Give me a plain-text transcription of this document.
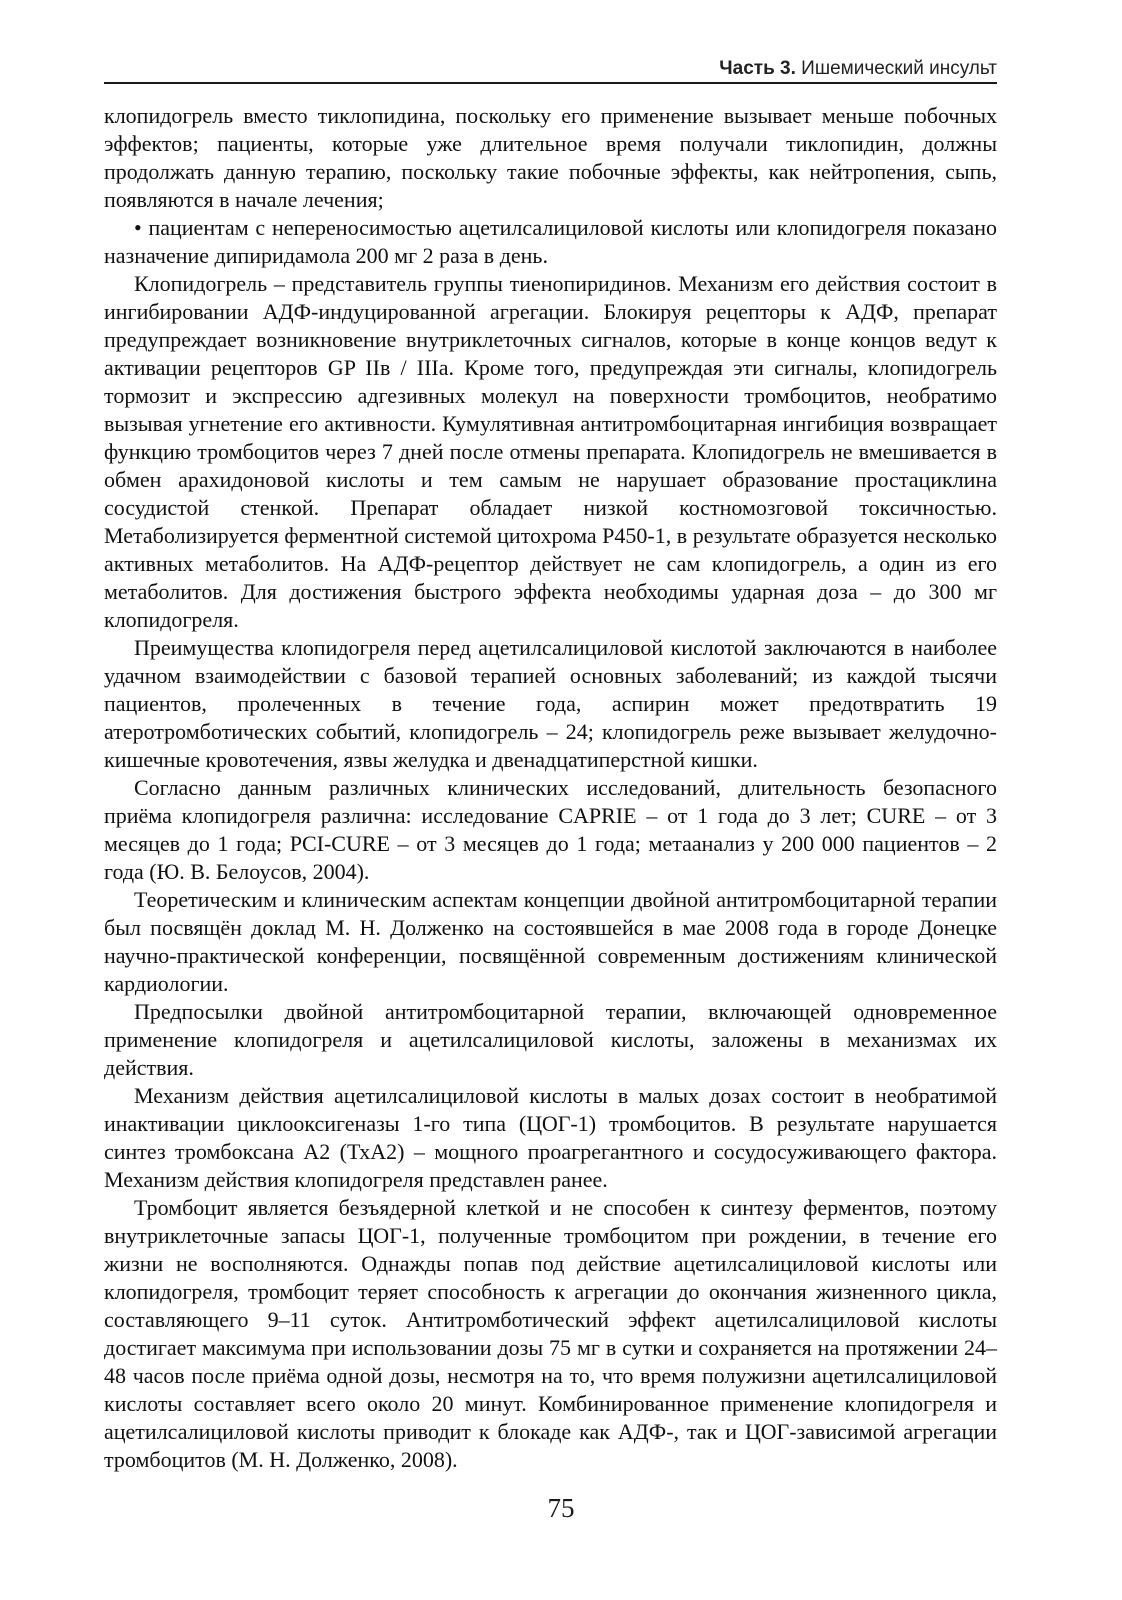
Часть 3. Ишемический инсульт

клопидогрель вместо тиклопидина, поскольку его применение вызывает меньше побочных эффектов; пациенты, которые уже длительное время получали тиклопидин, должны продолжать данную терапию, поскольку такие побочные эффекты, как нейтропения, сыпь, появляются в начале лечения;

• пациентам с непереносимостью ацетилсалициловой кислоты или клопидогреля показано назначение дипиридамола 200 мг 2 раза в день.

Клопидогрель – представитель группы тиенопиридинов. Механизм его действия состоит в ингибировании АДФ-индуцированной агрегации. Блокируя рецепторы к АДФ, препарат предупреждает возникновение внутриклеточных сигналов, которые в конце концов ведут к активации рецепторов GP IIв / IIIа. Кроме того, предупреждая эти сигналы, клопидогрель тормозит и экспрессию адгезивных молекул на поверхности тромбоцитов, необратимо вызывая угнетение его активности. Кумулятивная антитромбоцитарная ингибиция возвращает функцию тромбоцитов через 7 дней после отмены препарата. Клопидогрель не вмешивается в обмен арахидоновой кислоты и тем самым не нарушает образование простациклина сосудистой стенкой. Препарат обладает низкой костномозговой токсичностью. Метаболизируется ферментной системой цитохрома P450-1, в результате образуется несколько активных метаболитов. На АДФ-рецептор действует не сам клопидогрель, а один из его метаболитов. Для достижения быстрого эффекта необходимы ударная доза – до 300 мг клопидогреля.

Преимущества клопидогреля перед ацетилсалициловой кислотой заключаются в наиболее удачном взаимодействии с базовой терапией основных заболеваний; из каждой тысячи пациентов, пролеченных в течение года, аспирин может предотвратить 19 атеротромботических событий, клопидогрель – 24; клопидогрель реже вызывает желудочно-кишечные кровотечения, язвы желудка и двенадцатиперстной кишки.

Согласно данным различных клинических исследований, длительность безопасного приёма клопидогреля различна: исследование CAPRIE – от 1 года до 3 лет; CURE – от 3 месяцев до 1 года; PCI-CURE – от 3 месяцев до 1 года; метаанализ у 200 000 пациентов – 2 года (Ю. В. Белоусов, 2004).

Теоретическим и клиническим аспектам концепции двойной антитромбоцитарной терапии был посвящён доклад М. Н. Долженко на состоявшейся в мае 2008 года в городе Донецке научно-практической конференции, посвящённой современным достижениям клинической кардиологии.

Предпосылки двойной антитромбоцитарной терапии, включающей одновременное применение клопидогреля и ацетилсалициловой кислоты, заложены в механизмах их действия.

Механизм действия ацетилсалициловой кислоты в малых дозах состоит в необратимой инактивации циклооксигеназы 1-го типа (ЦОГ-1) тромбоцитов. В результате нарушается синтез тромбоксана А2 (ТхА2) – мощного проагрегантного и сосудосуживающего фактора. Механизм действия клопидогреля представлен ранее.

Тромбоцит является безъядерной клеткой и не способен к синтезу ферментов, поэтому внутриклеточные запасы ЦОГ-1, полученные тромбоцитом при рождении, в течение его жизни не восполняются. Однажды попав под действие ацетилсалициловой кислоты или клопидогреля, тромбоцит теряет способность к агрегации до окончания жизненного цикла, составляющего 9–11 суток. Антитромботический эффект ацетилсалициловой кислоты достигает максимума при использовании дозы 75 мг в сутки и сохраняется на протяжении 24–48 часов после приёма одной дозы, несмотря на то, что время полужизни ацетилсалициловой кислоты составляет всего около 20 минут. Комбинированное применение клопидогреля и ацетилсалициловой кислоты приводит к блокаде как АДФ-, так и ЦОГ-зависимой агрегации тромбоцитов (М. Н. Долженко, 2008).

75
